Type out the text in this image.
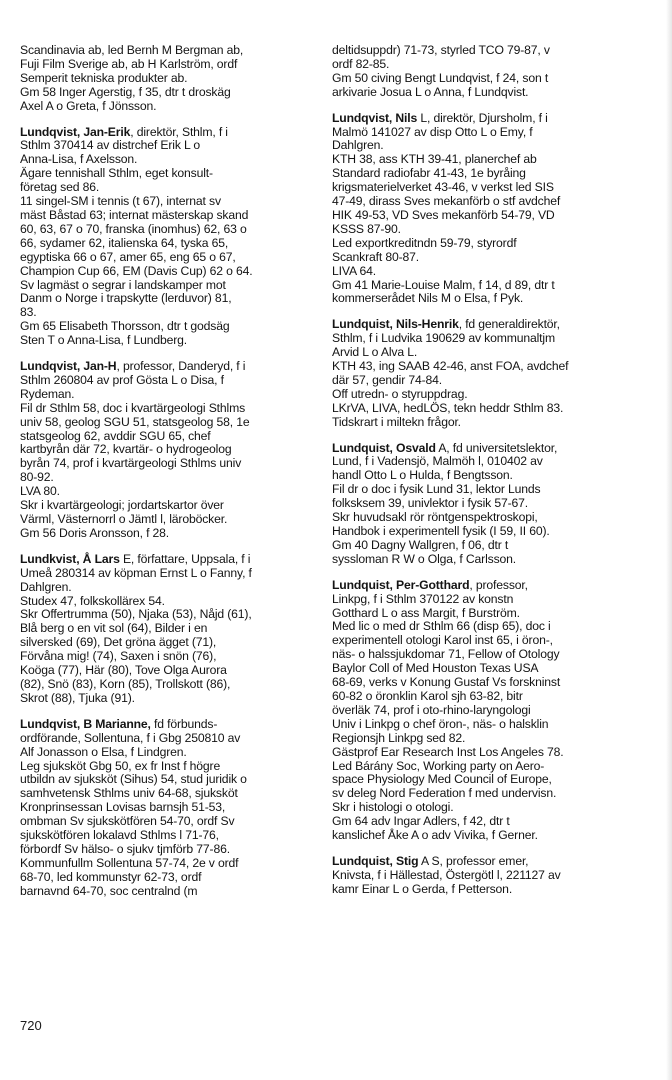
Scandinavia ab, led Bernh M Bergman ab,
Fuji Film Sverige ab, ab H Karlström, ordf
Semperit tekniska produkter ab.
Gm 58 Inger Agerstig, f 35, dtr t droskäg
Axel A o Greta, f Jönsson.
Lundqvist, Jan-Erik, direktör, Sthlm, f i
Sthlm 370414 av distrchef Erik L o
Anna-Lisa, f Axelsson.
Ägare tennishall Sthlm, eget konsult-
företag sed 86.
11 singel-SM i tennis (t 67), internat sv
mäst Båstad 63; internat mästerskap skand
60, 63, 67 o 70, franska (inomhus) 62, 63 o
66, sydamer 62, italienska 64, tyska 65,
egyptiska 66 o 67, amer 65, eng 65 o 67,
Champion Cup 66, EM (Davis Cup) 62 o 64.
Sv lagmäst o segrar i landskamper mot
Danm o Norge i trapskytte (lerduvor) 81,
83.
Gm 65 Elisabeth Thorsson, dtr t godsäg
Sten T o Anna-Lisa, f Lundberg.
Lundqvist, Jan-H, professor, Danderyd, f i
Sthlm 260804 av prof Gösta L o Disa, f
Rydeman.
Fil dr Sthlm 58, doc i kvartärgeologi Sthlms
univ 58, geolog SGU 51, statsgeolog 58, 1e
statsgeolog 62, avddir SGU 65, chef
kartbyrån där 72, kvartär- o hydrogeolog
byrån 74, prof i kvartärgeologi Sthlms univ
80-92.
LVA 80.
Skr i kvartärgeologi; jordartskartor över
Värml, Västernorrl o Jämtl l, läroböcker.
Gm 56 Doris Aronsson, f 28.
Lundkvist, Å Lars E, författare, Uppsala, f i
Umeå 280314 av köpman Ernst L o Fanny, f
Dahlgren.
Studex 47, folkskollärex 54.
Skr Offertrumma (50), Njaka (53), Nåjd (61),
Blå berg o en vit sol (64), Bilder i en
silversked (69), Det gröna ägget (71),
Förvåna mig! (74), Saxen i snön (76),
Koöga (77), Här (80), Tove Olga Aurora
(82), Snö (83), Korn (85), Trollskott (86),
Skrot (88), Tjuka (91).
Lundqvist, B Marianne, fd förbunds-
ordförande, Sollentuna, f i Gbg 250810 av
Alf Jonasson o Elsa, f Lindgren.
Leg sjuksköt Gbg 50, ex fr Inst f högre
utbildn av sjuksköt (Sihus) 54, stud juridik o
samhvetensk Sthlms univ 64-68, sjuksköt
Kronprinsessan Lovisas barnsjh 51-53,
ombman Sv sjukskötfören 54-70, ordf Sv
sjukskötfören lokalavd Sthlms l 71-76,
förbordf Sv hälso- o sjukv tjmförb 77-86.
Kommunfullm Sollentuna 57-74, 2e v ordf
68-70, led kommunstyr 62-73, ordf
barnavnd 64-70, soc centralnd (m
deltidsuppdr) 71-73, styrled TCO 79-87, v
ordf 82-85.
Gm 50 civing Bengt Lundqvist, f 24, son t
arkivarie Josua L o Anna, f Lundqvist.
Lundqvist, Nils L, direktör, Djursholm, f i
Malmö 141027 av disp Otto L o Emy, f
Dahlgren.
KTH 38, ass KTH 39-41, planerchef ab
Standard radiofabr 41-43, 1e byråing
krigsmaterielverket 43-46, v verkst led SIS
47-49, dirass Sves mekanförb o stf avdchef
HIK 49-53, VD Sves mekanförb 54-79, VD
KSSS 87-90.
Led exportkreditndn 59-79, styrordf
Scankraft 80-87.
LIVA 64.
Gm 41 Marie-Louise Malm, f 14, d 89, dtr t
kommerserådet Nils M o Elsa, f Pyk.
Lundquist, Nils-Henrik, fd generaldirektör,
Sthlm, f i Ludvika 190629 av kommunaltjm
Arvid L o Alva L.
KTH 43, ing SAAB 42-46, anst FOA, avdchef
där 57, gendir 74-84.
Off utredn- o styruppdrag.
LKrVA, LIVA, hedLÖS, tekn heddr Sthlm 83.
Tidskrart i miltekn frågor.
Lundquist, Osvald A, fd universitetslektor,
Lund, f i Vadensjö, Malmöh l, 010402 av
handl Otto L o Hulda, f Bengtsson.
Fil dr o doc i fysik Lund 31, lektor Lunds
folksksem 39, univlektor i fysik 57-67.
Skr huvudsakl rör röntgenspektroskopi,
Handbok i experimentell fysik (I 59, II 60).
Gm 40 Dagny Wallgren, f 06, dtr t
syssloman R W o Olga, f Carlsson.
Lundquist, Per-Gotthard, professor,
Linkpg, f i Sthlm 370122 av konstn
Gotthard L o ass Margit, f Burström.
Med lic o med dr Sthlm 66 (disp 65), doc i
experimentell otologi Karol inst 65, i öron-,
näs- o halssjukdomar 71, Fellow of Otology
Baylor Coll of Med Houston Texas USA
68-69, verks v Konung Gustaf Vs forskninst
60-82 o öronklin Karol sjh 63-82, bitr
överläk 74, prof i oto-rhino-laryngologi
Univ i Linkpg o chef öron-, näs- o halsklin
Regionsjh Linkpg sed 82.
Gästprof Ear Research Inst Los Angeles 78.
Led Bárány Soc, Working party on Aero-
space Physiology Med Council of Europe,
sv deleg Nord Federation f med undervisn.
Skr i histologi o otologi.
Gm 64 adv Ingar Adlers, f 42, dtr t
kanslichef Åke A o adv Vivika, f Gerner.
Lundquist, Stig A S, professor emer,
Knivsta, f i Hällestad, Östergötl l, 221127 av
kamr Einar L o Gerda, f Petterson.
720
